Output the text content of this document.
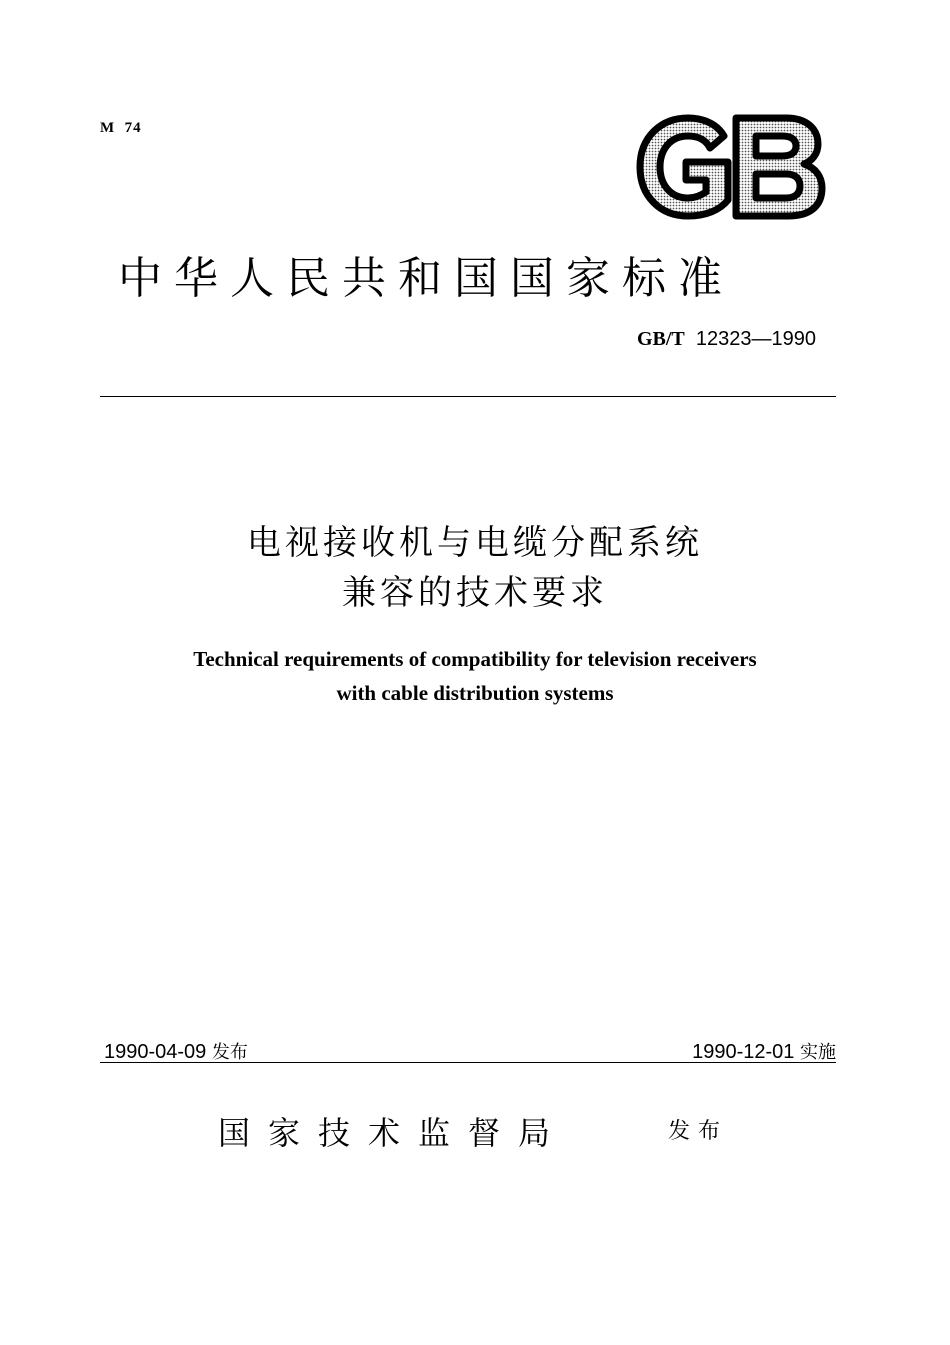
M  74
中华人民共和国国家标准
GB/T 12323—1990
电视接收机与电缆分配系统
兼容的技术要求
Technical requirements of compatibility for television receivers
with cable distribution systems
1990-04-09 发布	1990-12-01 实施
国家技术监督局	发布
